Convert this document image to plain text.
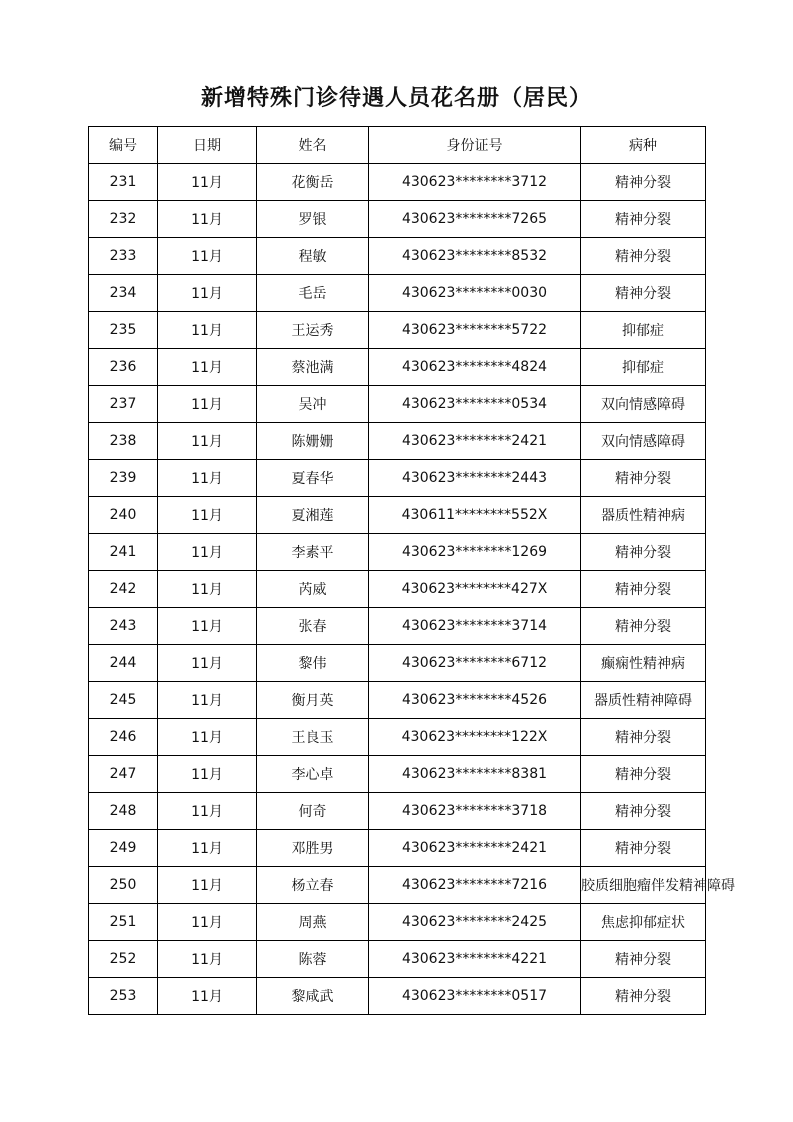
新增特殊门诊待遇人员花名册（居民）
编号	日期	姓名	身份证号	病种
231	11月	花衡岳	430623********3712	精神分裂
232	11月	罗银	430623********7265	精神分裂
233	11月	程敏	430623********8532	精神分裂
234	11月	毛岳	430623********0030	精神分裂
235	11月	王运秀	430623********5722	抑郁症
236	11月	蔡池满	430623********4824	抑郁症
237	11月	吴冲	430623********0534	双向情感障碍
238	11月	陈姗姗	430623********2421	双向情感障碍
239	11月	夏春华	430623********2443	精神分裂
240	11月	夏湘莲	430611********552X	器质性精神病
241	11月	李素平	430623********1269	精神分裂
242	11月	芮威	430623********427X	精神分裂
243	11月	张春	430623********3714	精神分裂
244	11月	黎伟	430623********6712	癫痫性精神病
245	11月	衡月英	430623********4526	器质性精神障碍
246	11月	王良玉	430623********122X	精神分裂
247	11月	李心卓	430623********8381	精神分裂
248	11月	何奇	430623********3718	精神分裂
249	11月	邓胜男	430623********2421	精神分裂
250	11月	杨立春	430623********7216	胶质细胞瘤伴发精神障碍
251	11月	周燕	430623********2425	焦虑抑郁症状
252	11月	陈蓉	430623********4221	精神分裂
253	11月	黎咸武	430623********0517	精神分裂
